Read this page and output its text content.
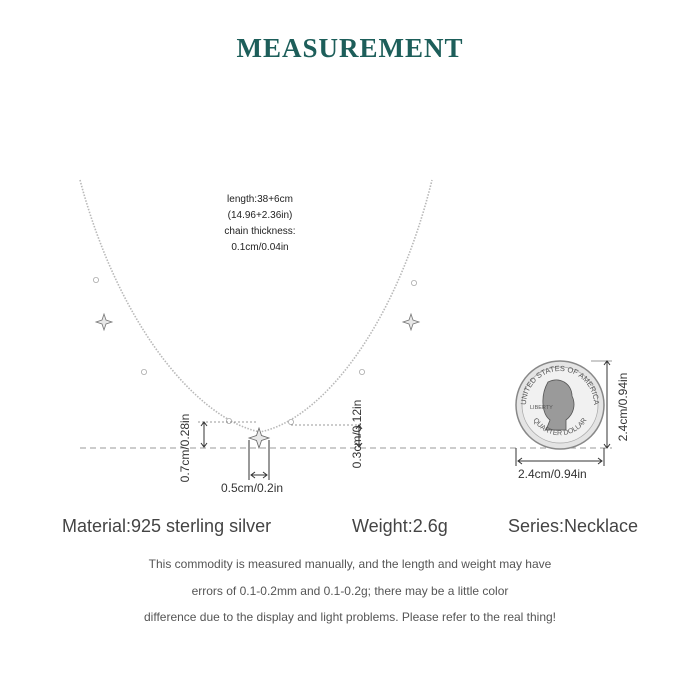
MEASUREMENT
length:38+6cm
(14.96+2.36in)
chain thickness:
0.1cm/0.04in
UNITED STATES OF AMERICA
QUARTER DOLLAR
LIBERTY
0.7cm/0.28in
0.5cm/0.2in
0.3cm/0.12in	2.4cm/0.94in
2.4cm/0.94in
Material:925 sterling silver	Weight:2.6g	Series:Necklace
This commodity is measured manually, and the length and weight may have
errors of 0.1-0.2mm and 0.1-0.2g; there may be a little color
difference due to the display and light problems. Please refer to the real thing!
